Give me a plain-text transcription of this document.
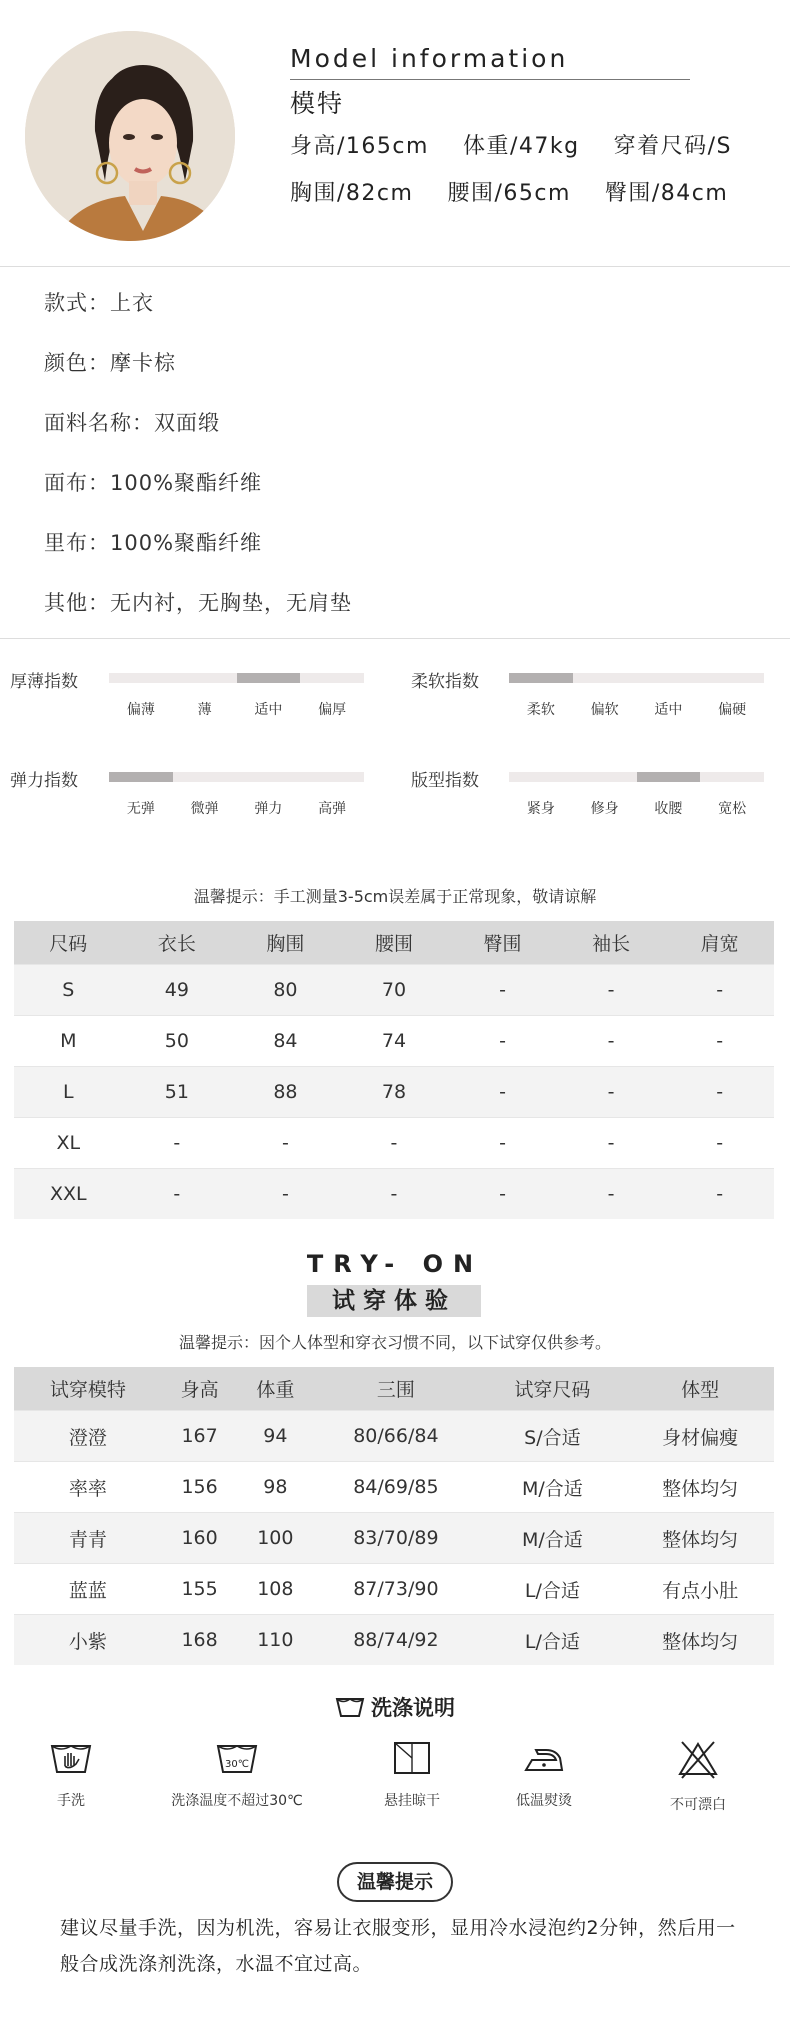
Model information
模特
身高/165cm 体重/47kg 穿着尺码/S
胸围/82cm 腰围/65cm 臀围/84cm
款式：上衣
颜色：摩卡棕
面料名称：双面缎
面布：100%聚酯纤维
里布：100%聚酯纤维
其他：无内衬，无胸垫，无肩垫
厚薄指数
偏薄	薄	适中	偏厚
柔软指数
柔软	偏软	适中	偏硬
弹力指数
无弹	微弹	弹力	高弹
版型指数
紧身	修身	收腰	宽松
温馨提示：手工测量3-5cm误差属于正常现象，敬请谅解
尺码	衣长	胸围	腰围	臀围	袖长	肩宽
S	49	80	70	-	-	-
M	50	84	74	-	-	-
L	51	88	78	-	-	-
XL	-	-	-	-	-	-
XXL	-	-	-	-	-	-
TRY- ON
试穿体验
温馨提示：因个人体型和穿衣习惯不同，以下试穿仅供参考。
试穿模特	身高	体重	三围	试穿尺码	体型
澄澄	167	94	80/66/84	S/合适	身材偏瘦
率率	156	98	84/69/85	M/合适	整体均匀
青青	160	100	83/70/89	M/合适	整体均匀
蓝蓝	155	108	87/73/90	L/合适	有点小肚
小紫	168	110	88/74/92	L/合适	整体均匀
洗涤说明
手洗
30℃
洗涤温度不超过30℃	悬挂晾干	低温熨烫	不可漂白
温馨提示
建议尽量手洗，因为机洗，容易让衣服变形，显用冷水浸泡约2分钟，然后用一般合成洗涤剂洗涤，水温不宜过高。
